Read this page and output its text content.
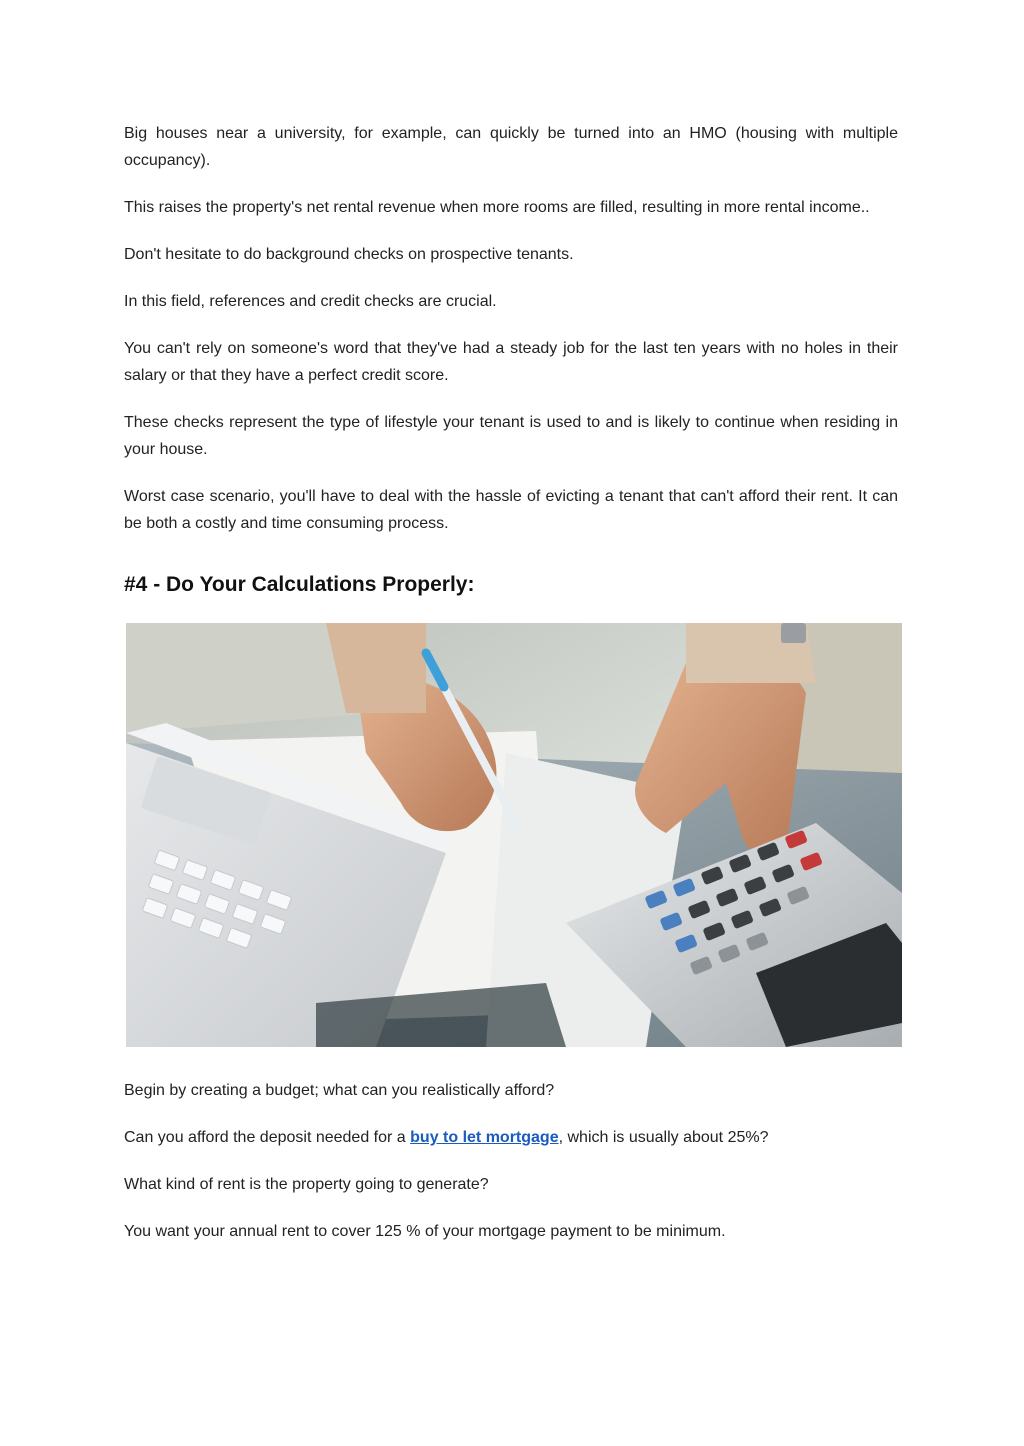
Big houses near a university, for example, can quickly be turned into an HMO (housing with multiple occupancy).

This raises the property's net rental revenue when more rooms are filled, resulting in more rental income..

Don't hesitate to do background checks on prospective tenants.

In this field, references and credit checks are crucial.

You can't rely on someone's word that they've had a steady job for the last ten years with no holes in their salary or that they have a perfect credit score.

These checks represent the type of lifestyle your tenant is used to and is likely to continue when residing in your house.

Worst case scenario, you'll have to deal with the hassle of evicting a tenant that can't afford their rent. It can be both a costly and time consuming process.

#4 - Do Your Calculations Properly:

Begin by creating a budget; what can you realistically afford?

Can you afford the deposit needed for a buy to let mortgage, which is usually about 25%?

What kind of rent is the property going to generate?

You want your annual rent to cover 125 % of your mortgage payment to be minimum.
